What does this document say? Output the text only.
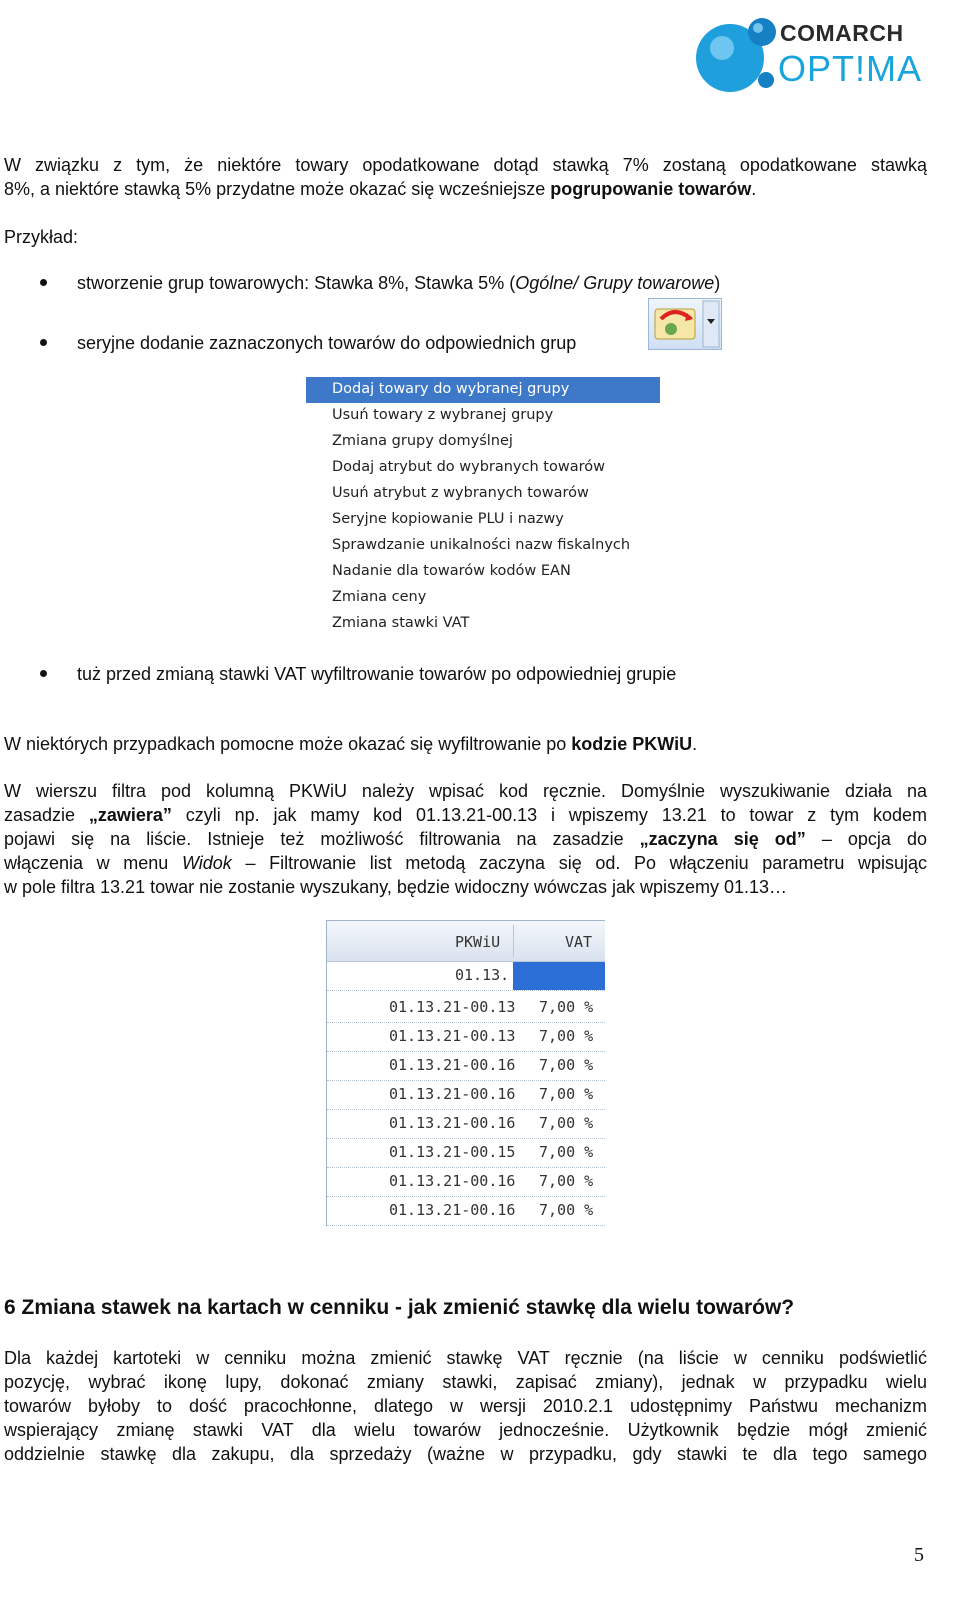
COMARCH
OPT!MA
W związku z tym, że niektóre towary opodatkowane dotąd stawką 7% zostaną opodatkowane stawką
8%, a niektóre stawką 5% przydatne może okazać się wcześniejsze pogrupowanie towarów.
Przykład:
stworzenie grup towarowych: Stawka 8%, Stawka 5% (Ogólne/ Grupy towarowe)
seryjne dodanie zaznaczonych towarów do odpowiednich grup
Dodaj towary do wybranej grupy
Usuń towary z wybranej grupy
Zmiana grupy domyślnej
Dodaj atrybut do wybranych towarów
Usuń atrybut z wybranych towarów
Seryjne kopiowanie PLU i nazwy
Sprawdzanie unikalności nazw fiskalnych
Nadanie dla towarów kodów EAN
Zmiana ceny
Zmiana stawki VAT
tuż przed zmianą stawki VAT wyfiltrowanie towarów po odpowiedniej grupie
W niektórych przypadkach pomocne może okazać się wyfiltrowanie po kodzie PKWiU.
W wierszu filtra pod kolumną PKWiU należy wpisać kod ręcznie. Domyślnie wyszukiwanie działa na
zasadzie „zawiera” czyli np. jak mamy kod 01.13.21-00.13 i wpiszemy 13.21 to towar z tym kodem
pojawi się na liście. Istnieje też możliwość filtrowania na zasadzie „zaczyna się od” – opcja do
włączenia w menu Widok – Filtrowanie list metodą zaczyna się od. Po włączeniu parametru wpisując
w pole filtra 13.21 towar nie zostanie wyszukany, będzie widoczny wówczas jak wpiszemy 01.13…
PKWiU	VAT
01.13.
01.13.21-00.13 7,00 %
01.13.21-00.13 7,00 %
01.13.21-00.16 7,00 %
01.13.21-00.16 7,00 %
01.13.21-00.16 7,00 %
01.13.21-00.15 7,00 %
01.13.21-00.16 7,00 %
01.13.21-00.16 7,00 %
6 Zmiana stawek na kartach w cenniku - jak zmienić stawkę dla wielu towarów?
Dla każdej kartoteki w cenniku można zmienić stawkę VAT ręcznie (na liście w cenniku podświetlić
pozycję, wybrać ikonę lupy, dokonać zmiany stawki, zapisać zmiany), jednak w przypadku wielu
towarów byłoby to dość pracochłonne, dlatego w wersji 2010.2.1 udostępnimy Państwu mechanizm
wspierający zmianę stawki VAT dla wielu towarów jednocześnie. Użytkownik będzie mógł zmienić
oddzielnie stawkę dla zakupu, dla sprzedaży (ważne w przypadku, gdy stawki te dla tego samego
5
